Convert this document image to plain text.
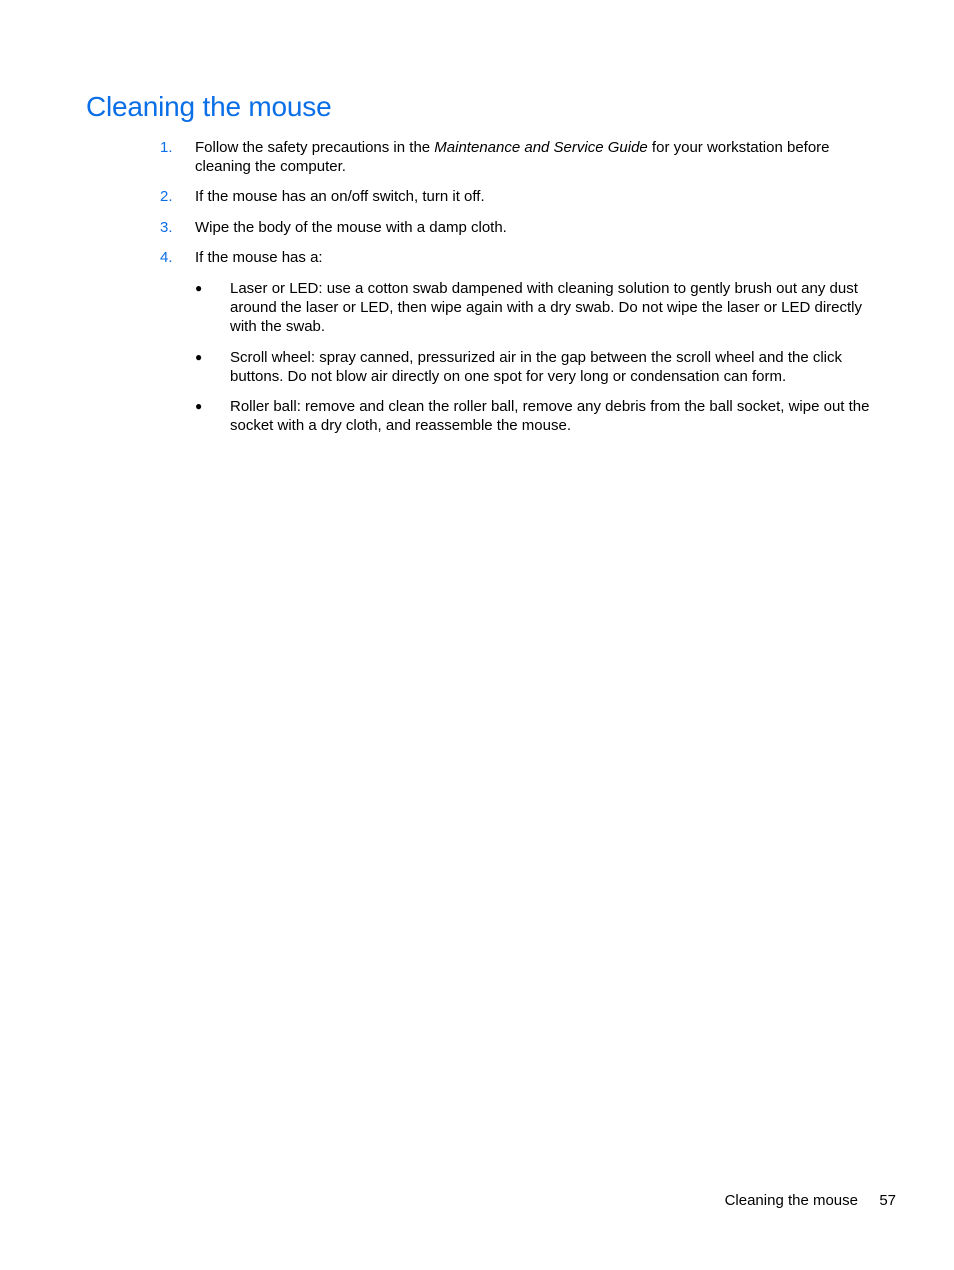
Cleaning the mouse
1. Follow the safety precautions in the Maintenance and Service Guide for your workstation before cleaning the computer.
2. If the mouse has an on/off switch, turn it off.
3. Wipe the body of the mouse with a damp cloth.
4. If the mouse has a:
● Laser or LED: use a cotton swab dampened with cleaning solution to gently brush out any dust around the laser or LED, then wipe again with a dry swab. Do not wipe the laser or LED directly with the swab.
● Scroll wheel: spray canned, pressurized air in the gap between the scroll wheel and the click buttons. Do not blow air directly on one spot for very long or condensation can form.
● Roller ball: remove and clean the roller ball, remove any debris from the ball socket, wipe out the socket with a dry cloth, and reassemble the mouse.
Cleaning the mouse 57
